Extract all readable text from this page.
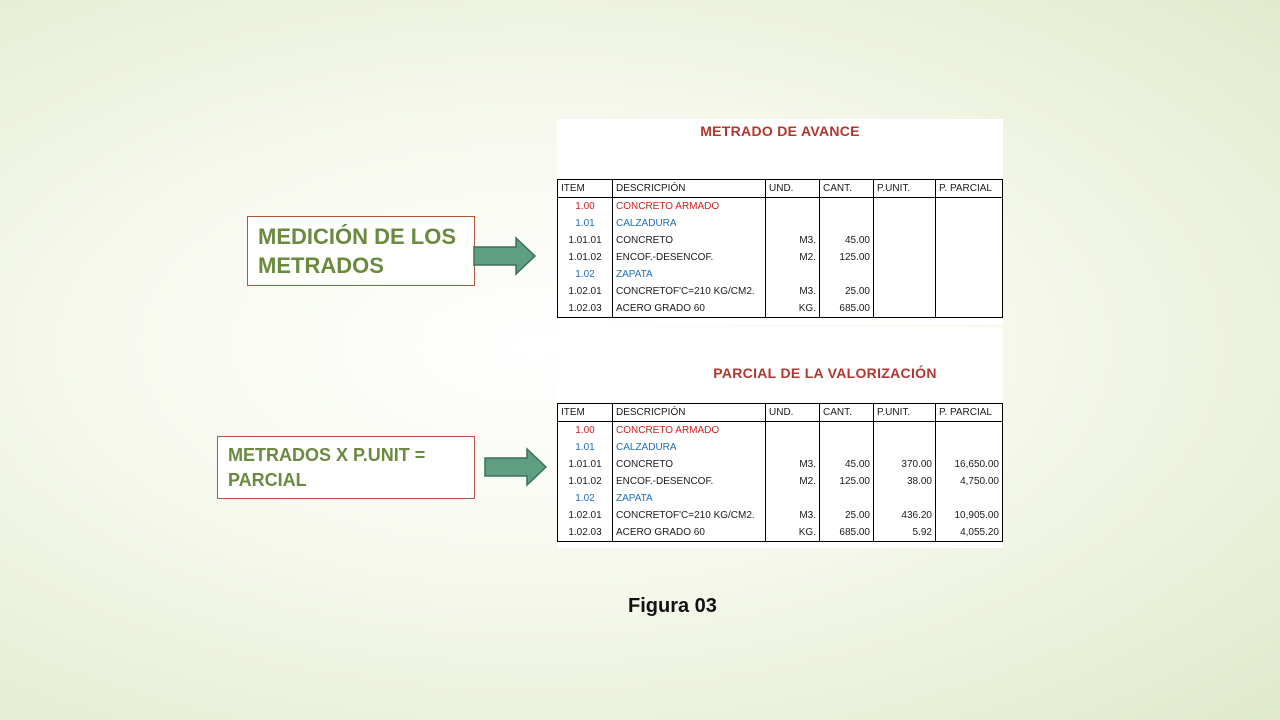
MEDICIÓN DE LOS METRADOS
METRADOS X P.UNIT = PARCIAL
METRADO DE AVANCE
ITEM	DESCRICPIÓN	UND.	CANT.	P.UNIT.	P. PARCIAL
1.00	CONCRETO ARMADO				
1.01	CALZADURA				
1.01.01	CONCRETO	M3.	45.00		
1.01.02	ENCOF.-DESENCOF.	M2.	125.00		
1.02	ZAPATA				
1.02.01	CONCRETOF'C=210 KG/CM2.	M3.	25.00		
1.02.03	ACERO GRADO 60	KG.	685.00		
PARCIAL DE LA VALORIZACIÓN
ITEM	DESCRICPIÓN	UND.	CANT.	P.UNIT.	P. PARCIAL
1.00	CONCRETO ARMADO				
1.01	CALZADURA				
1.01.01	CONCRETO	M3.	45.00	370.00	16,650.00
1.01.02	ENCOF.-DESENCOF.	M2.	125.00	38.00	4,750.00
1.02	ZAPATA				
1.02.01	CONCRETOF'C=210 KG/CM2.	M3.	25.00	436.20	10,905.00
1.02.03	ACERO GRADO 60	KG.	685.00	5.92	4,055.20
Figura 03
